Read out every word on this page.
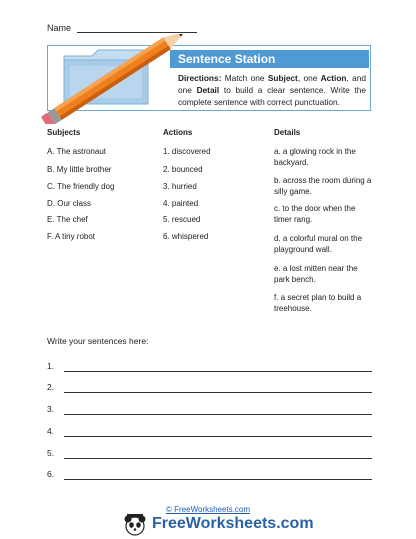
Name
Sentence Station
Directions: Match one Subject, one Action, and one Detail to build a clear sentence. Write the complete sentence with correct punctuation.
Subjects	Actions	Details
A. The astronaut
B. My little brother
C. The friendly dog
D. Our class
E. The chef
F. A tiny robot
1. discovered
2. bounced
3. hurried
4. painted
5. rescued
6. whispered
a. a glowing rock in the backyard.
b. across the room during a silly game.
c. to the door when the timer rang.
d. a colorful mural on the playground wall.
e. a lost mitten near the park bench.
f. a secret plan to build a treehouse.
Write your sentences here:
1.
2.
3.
4.
5.
6.
© FreeWorksheets.com
FreeWorksheets.com
